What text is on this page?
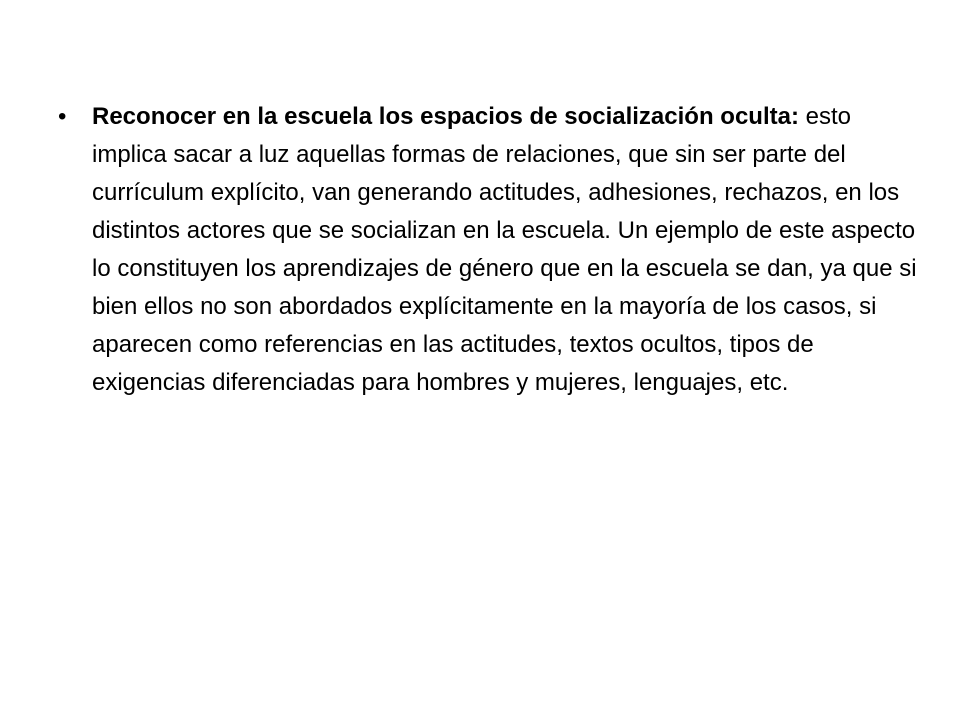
• Reconocer en la escuela los espacios de socialización oculta: esto implica sacar a luz aquellas formas de relaciones, que sin ser parte del currículum explícito, van generando actitudes, adhesiones, rechazos, en los distintos actores que se socializan en la escuela. Un ejemplo de este aspecto lo constituyen los aprendizajes de género que en la escuela se dan, ya que si bien ellos no son abordados explícitamente en la mayoría de los casos, si aparecen como referencias en las actitudes, textos ocultos, tipos de exigencias diferenciadas para hombres y mujeres, lenguajes, etc.
